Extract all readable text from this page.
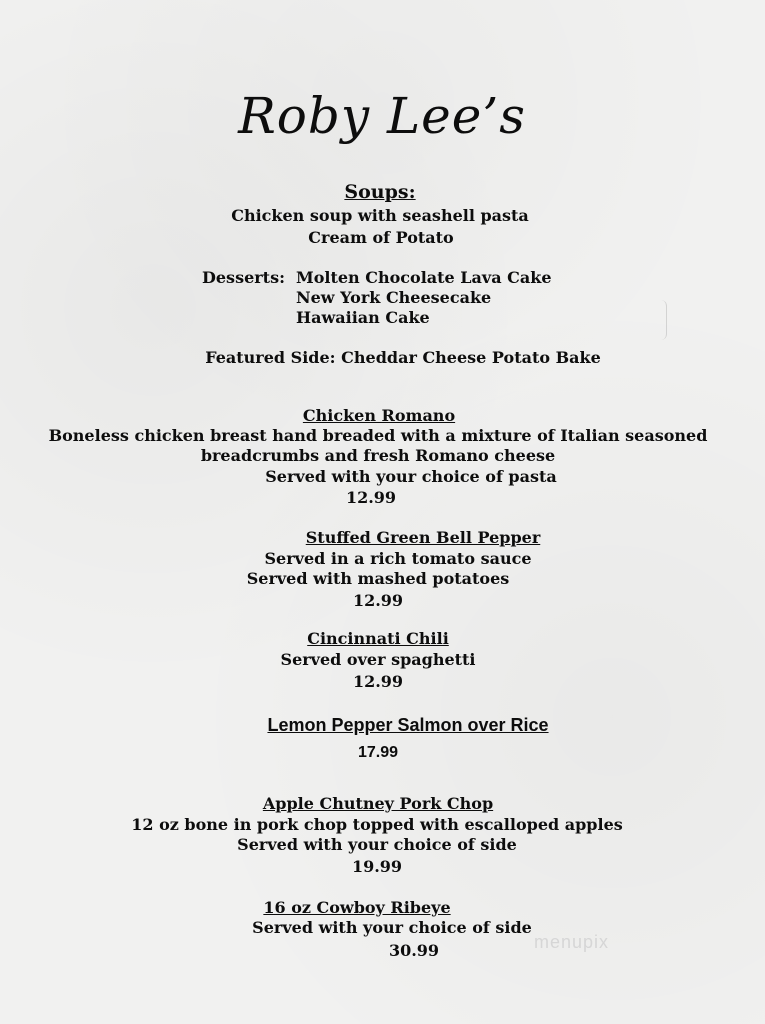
Roby Lee’s
Soups:
Chicken soup with seashell pasta
Cream of Potato
Desserts: Molten Chocolate Lava Cake
New York Cheesecake
Hawaiian Cake
Featured Side: Cheddar Cheese Potato Bake
Chicken Romano
Boneless chicken breast hand breaded with a mixture of Italian seasoned
breadcrumbs and fresh Romano cheese
Served with your choice of pasta
12.99
Stuffed Green Bell Pepper
Served in a rich tomato sauce
Served with mashed potatoes
12.99
Cincinnati Chili
Served over spaghetti
12.99
Lemon Pepper Salmon over Rice
17.99
Apple Chutney Pork Chop
12 oz bone in pork chop topped with escalloped apples
Served with your choice of side
19.99
16 oz Cowboy Ribeye
Served with your choice of side
30.99	menupix
